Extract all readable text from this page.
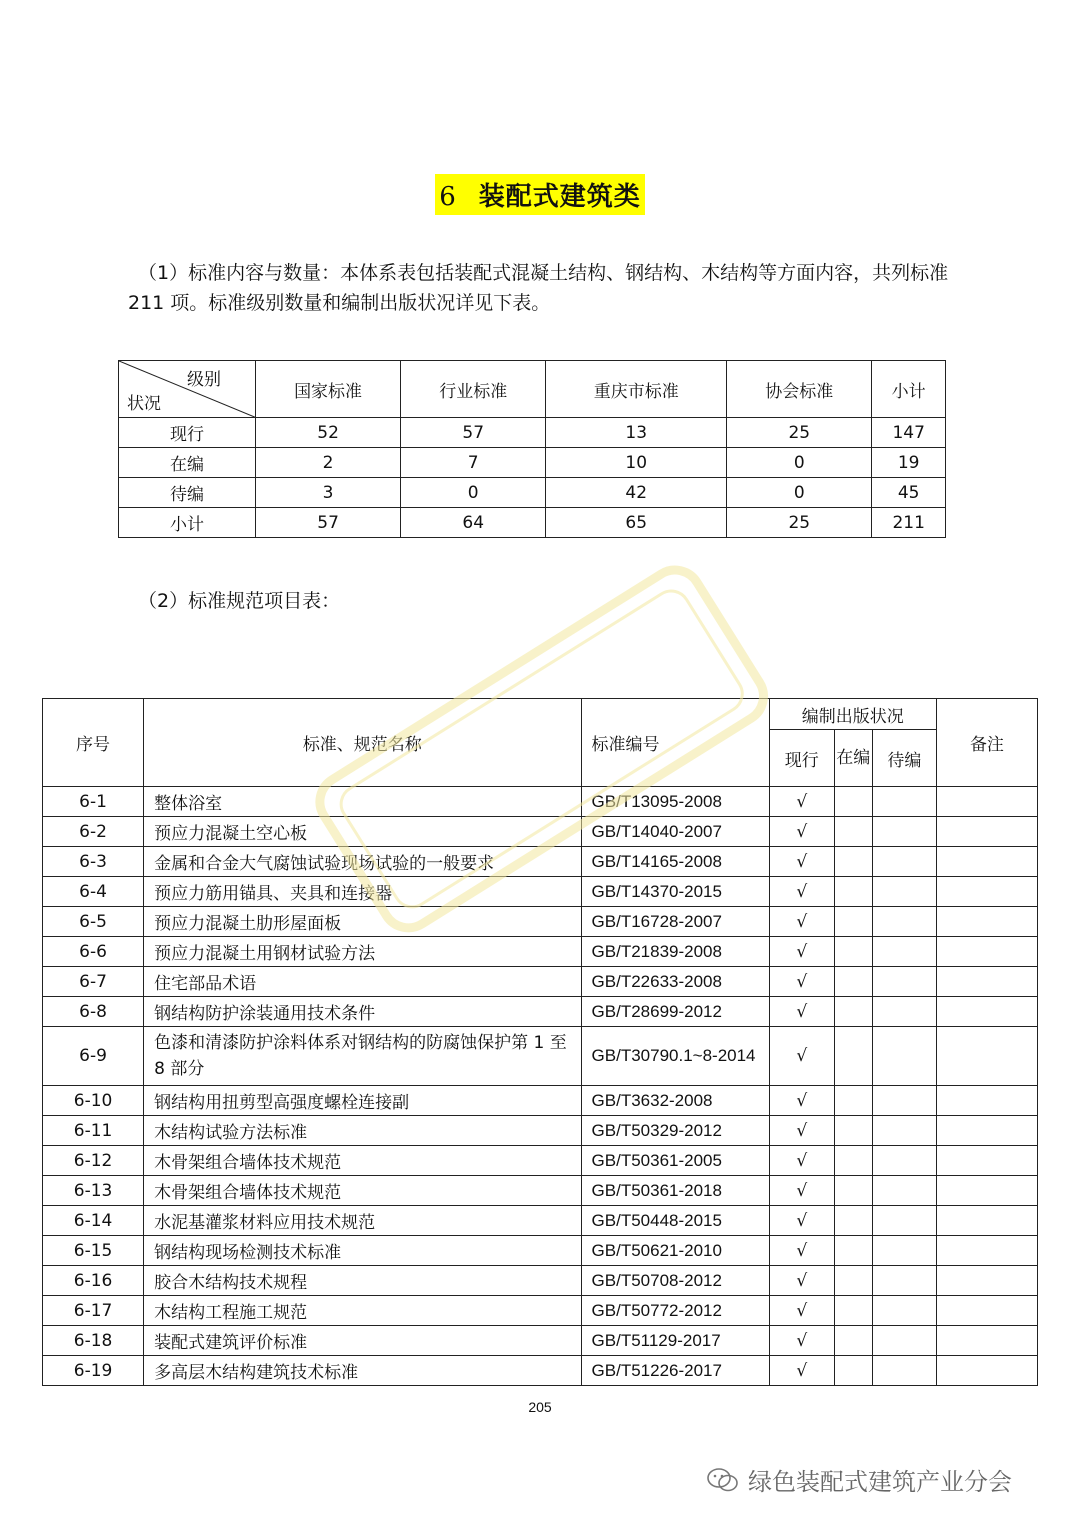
6 装配式建筑类
（1）标准内容与数量：本体系表包括装配式混凝土结构、钢结构、木结构等方面内容，共列标准 211 项。标准级别数量和编制出版状况详见下表。
级别
状况	国家标准	行业标准	重庆市标准	协会标准	小计
现行	52	57	13	25	147
在编	2	7	10	0	19
待编	3	0	42	0	45
小计	57	64	65	25	211
（2）标准规范项目表：
序号	标准、规范名称	标准编号	编制出版状况			备注
			现行	在编	待编	
6-1	整体浴室	GB/T13095-2008	√			
6-2	预应力混凝土空心板	GB/T14040-2007	√			
6-3	金属和合金大气腐蚀试验现场试验的一般要求	GB/T14165-2008	√			
6-4	预应力筋用锚具、夹具和连接器	GB/T14370-2015	√			
6-5	预应力混凝土肋形屋面板	GB/T16728-2007	√			
6-6	预应力混凝土用钢材试验方法	GB/T21839-2008	√			
6-7	住宅部品术语	GB/T22633-2008	√			
6-8	钢结构防护涂装通用技术条件	GB/T28699-2012	√			
6-9	色漆和清漆防护涂料体系对钢结构的防腐蚀保护第 1 至 8 部分	GB/T30790.1~8-2014	√			
6-10	钢结构用扭剪型高强度螺栓连接副	GB/T3632-2008	√			
6-11	木结构试验方法标准	GB/T50329-2012	√			
6-12	木骨架组合墙体技术规范	GB/T50361-2005	√			
6-13	木骨架组合墙体技术规范	GB/T50361-2018	√			
6-14	水泥基灌浆材料应用技术规范	GB/T50448-2015	√			
6-15	钢结构现场检测技术标准	GB/T50621-2010	√			
6-16	胶合木结构技术规程	GB/T50708-2012	√			
6-17	木结构工程施工规范	GB/T50772-2012	√			
6-18	装配式建筑评价标准	GB/T51129-2017	√			
6-19	多高层木结构建筑技术标准	GB/T51226-2017	√			
205
绿色装配式建筑产业分会
